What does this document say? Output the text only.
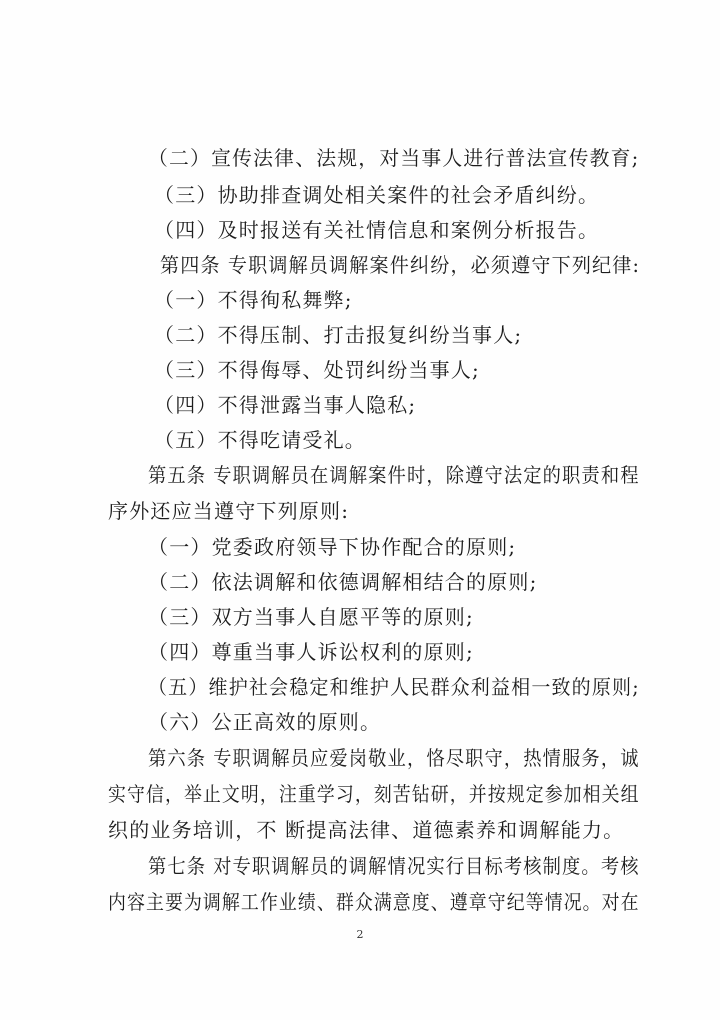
（二）宣传法律、法规，对当事人进行普法宣传教育;
（三）协助排查调处相关案件的社会矛盾纠纷。
（四）及时报送有关社情信息和案例分析报告。
第四条 专职调解员调解案件纠纷，必须遵守下列纪律:
（一）不得徇私舞弊;
（二）不得压制、打击报复纠纷当事人;
（三）不得侮辱、处罚纠纷当事人;
（四）不得泄露当事人隐私;
（五）不得吃请受礼。
第五条 专职调解员在调解案件时，除遵守法定的职责和程
序外还应当遵守下列原则:
（一）党委政府领导下协作配合的原则;
（二）依法调解和依德调解相结合的原则;
（三）双方当事人自愿平等的原则;
（四）尊重当事人诉讼权利的原则;
（五）维护社会稳定和维护人民群众利益相一致的原则;
（六）公正高效的原则。
第六条 专职调解员应爱岗敬业，恪尽职守，热情服务，诚
实守信，举止文明，注重学习，刻苦钻研，并按规定参加相关组
织的业务培训，不 断提高法律、道德素养和调解能力。
第七条 对专职调解员的调解情况实行目标考核制度。考核
内容主要为调解工作业绩、群众满意度、遵章守纪等情况。对在
2
